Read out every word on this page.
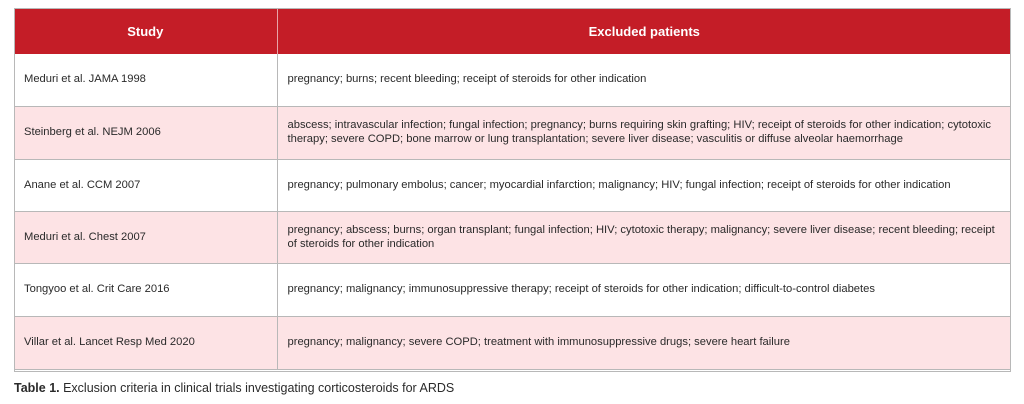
Study	Excluded patients
Meduri et al. JAMA 1998	pregnancy; burns; recent bleeding; receipt of steroids for other indication
Steinberg et al. NEJM 2006	abscess; intravascular infection; fungal infection; pregnancy; burns requiring skin grafting; HIV; receipt of steroids for other indication; cytotoxic therapy; severe COPD; bone marrow or lung transplantation; severe liver disease; vasculitis or diffuse alveolar haemorrhage
Anane et al. CCM 2007	pregnancy; pulmonary embolus; cancer; myocardial infarction; malignancy; HIV; fungal infection; receipt of steroids for other indication
Meduri et al. Chest 2007	pregnancy; abscess; burns; organ transplant; fungal infection; HIV; cytotoxic therapy; malignancy; severe liver disease; recent bleeding; receipt of steroids for other indication
Tongyoo et al. Crit Care 2016	pregnancy; malignancy; immunosuppressive therapy; receipt of steroids for other indication; difficult-to-control diabetes
Villar et al. Lancet Resp Med 2020	pregnancy; malignancy; severe COPD; treatment with immunosuppressive drugs; severe heart failure
Table 1. Exclusion criteria in clinical trials investigating corticosteroids for ARDS
